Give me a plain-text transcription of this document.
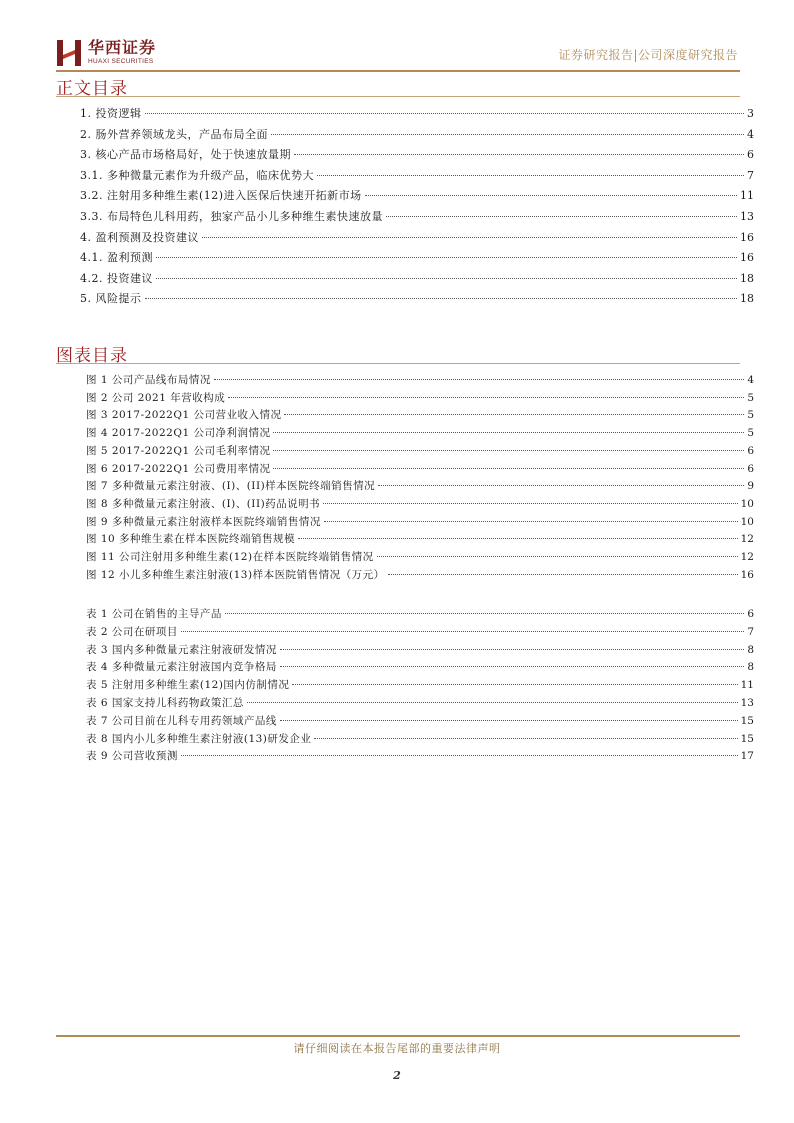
华西证券
HUAXI SECURITIES	证券研究报告|公司深度研究报告
正文目录
1. 投资逻辑	3
2. 肠外营养领域龙头，产品布局全面	4
3. 核心产品市场格局好，处于快速放量期	6
3.1. 多种微量元素作为升级产品，临床优势大	7
3.2. 注射用多种维生素(12)进入医保后快速开拓新市场	11
3.3. 布局特色儿科用药，独家产品小儿多种维生素快速放量	13
4. 盈利预测及投资建议	16
4.1. 盈利预测	16
4.2. 投资建议	18
5. 风险提示	18
图表目录
图 1 公司产品线布局情况	4
图 2 公司 2021 年营收构成	5
图 3 2017-2022Q1 公司营业收入情况	5
图 4 2017-2022Q1 公司净利润情况	5
图 5 2017-2022Q1 公司毛利率情况	6
图 6 2017-2022Q1 公司费用率情况	6
图 7 多种微量元素注射液、(I)、(II)样本医院终端销售情况	9
图 8 多种微量元素注射液、(I)、(II)药品说明书	10
图 9 多种微量元素注射液样本医院终端销售情况	10
图 10 多种维生素在样本医院终端销售规模	12
图 11 公司注射用多种维生素(12)在样本医院终端销售情况	12
图 12 小儿多种维生素注射液(13)样本医院销售情况（万元）	16
表 1 公司在销售的主导产品	6
表 2 公司在研项目	7
表 3 国内多种微量元素注射液研发情况	8
表 4 多种微量元素注射液国内竞争格局	8
表 5 注射用多种维生素(12)国内仿制情况	11
表 6 国家支持儿科药物政策汇总	13
表 7 公司目前在儿科专用药领域产品线	15
表 8 国内小儿多种维生素注射液(13)研发企业	15
表 9 公司营收预测	17
请仔细阅读在本报告尾部的重要法律声明
2
